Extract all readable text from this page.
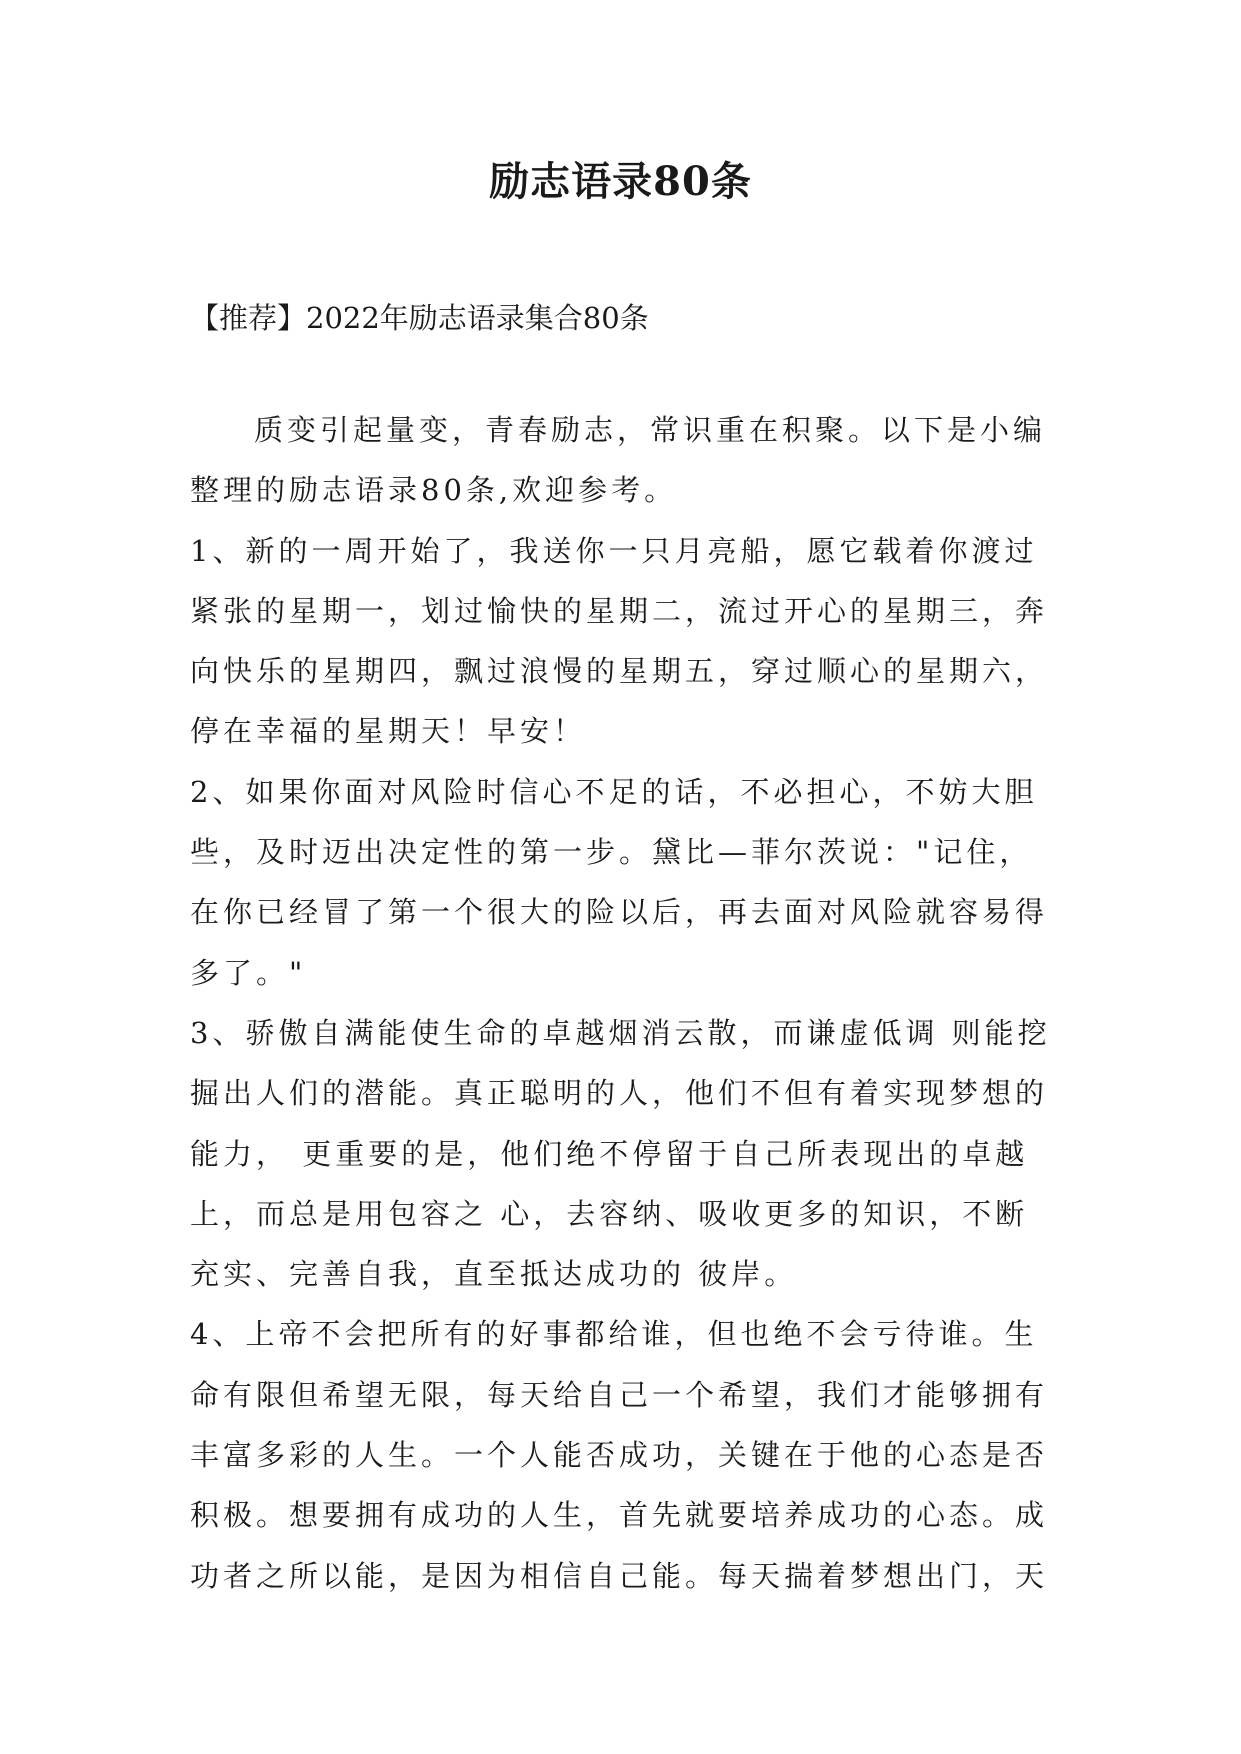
励志语录80条

【推荐】2022年励志语录集合80条

质变引起量变，青春励志，常识重在积聚。以下是小编

整理的励志语录80条,欢迎参考。

1、新的一周开始了，我送你一只月亮船，愿它载着你渡过

紧张的星期一，划过愉快的星期二，流过开心的星期三，奔

向快乐的星期四，飘过浪慢的星期五，穿过顺心的星期六，

停在幸福的星期天！早安！

2、如果你面对风险时信心不足的话，不必担心，不妨大胆

些，及时迈出决定性的第一步。黛比—菲尔茨说："记住，

在你已经冒了第一个很大的险以后，再去面对风险就容易得

多了。"

3、骄傲自满能使生命的卓越烟消云散，而谦虚低调 则能挖

掘出人们的潜能。真正聪明的人，他们不但有着实现梦想的

能力， 更重要的是，他们绝不停留于自己所表现出的卓越

上，而总是用包容之 心，去容纳、吸收更多的知识，不断

充实、完善自我，直至抵达成功的 彼岸。

4、上帝不会把所有的好事都给谁，但也绝不会亏待谁。生

命有限但希望无限，每天给自己一个希望，我们才能够拥有

丰富多彩的人生。一个人能否成功，关键在于他的心态是否

积极。想要拥有成功的人生，首先就要培养成功的心态。成

功者之所以能，是因为相信自己能。每天揣着梦想出门，天
